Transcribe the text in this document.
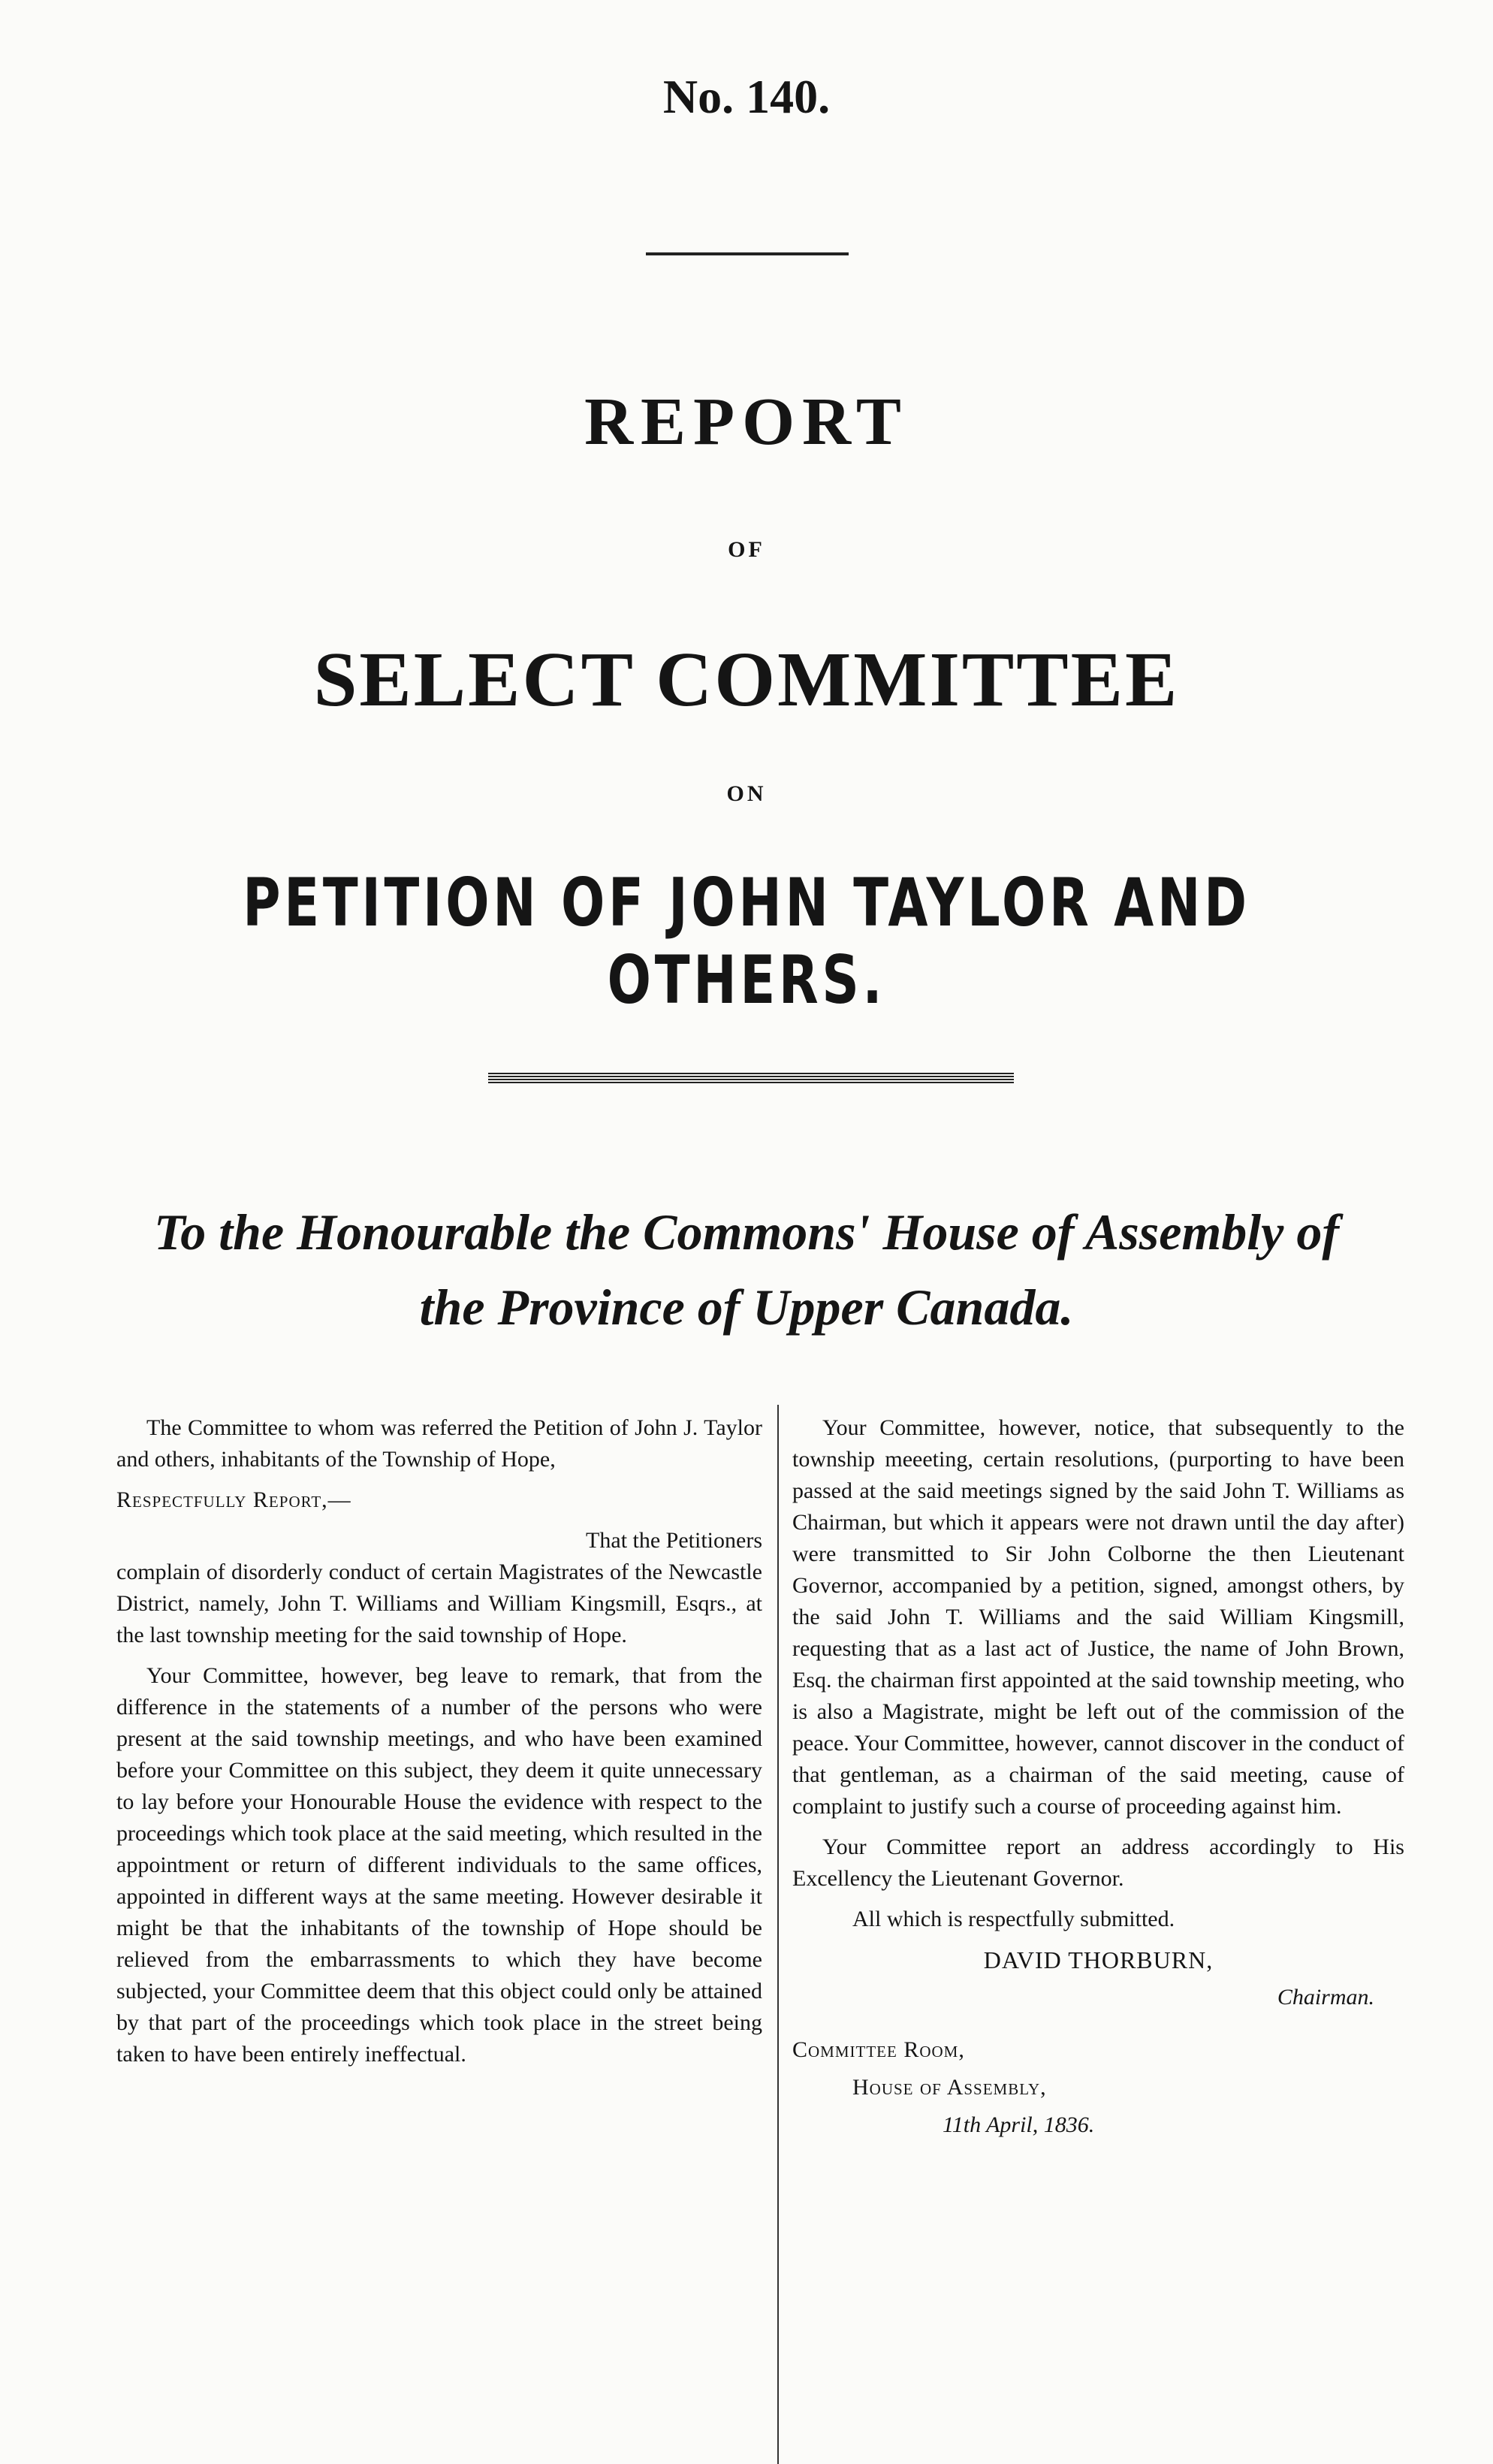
No. 140.
REPORT
OF
SELECT COMMITTEE
ON
PETITION OF JOHN TAYLOR AND OTHERS.
To the Honourable the Commons' House of Assembly of
the Province of Upper Canada.

The Committee to whom was referred the Petition of John J. Taylor and others, inhabitants of the Township of Hope,

Respectfully Report,—

That the Petitioners

complain of disorderly conduct of certain Magistrates of the Newcastle District, namely, John T. Williams and William Kingsmill, Esqrs., at the last township meeting for the said township of Hope.

Your Committee, however, beg leave to remark, that from the difference in the statements of a number of the persons who were present at the said township meetings, and who have been examined before your Committee on this subject, they deem it quite unnecessary to lay before your Honourable House the evidence with respect to the proceedings which took place at the said meeting, which resulted in the appointment or return of different individuals to the same offices, appointed in different ways at the same meeting. However desirable it might be that the inhabitants of the township of Hope should be relieved from the embarrassments to which they have become subjected, your Committee deem that this object could only be attained by that part of the proceedings which took place in the street being taken to have been entirely ineffectual.

Your Committee, however, notice, that subsequently to the township meeeting, certain resolutions, (purporting to have been passed at the said meetings signed by the said John T. Williams as Chairman, but which it appears were not drawn until the day after) were transmitted to Sir John Colborne the then Lieutenant Governor, accompanied by a petition, signed, amongst others, by the said John T. Williams and the said William Kingsmill, requesting that as a last act of Justice, the name of John Brown, Esq. the chairman first appointed at the said township meeting, who is also a Magistrate, might be left out of the commission of the peace. Your Committee, however, cannot discover in the conduct of that gentleman, as a chairman of the said meeting, cause of complaint to justify such a course of proceeding against him.

Your Committee report an address accordingly to His Excellency the Lieutenant Governor.

All which is respectfully submitted.

DAVID THORBURN,
Chairman.
Committee Room,
House of Assembly,
11th April, 1836.
